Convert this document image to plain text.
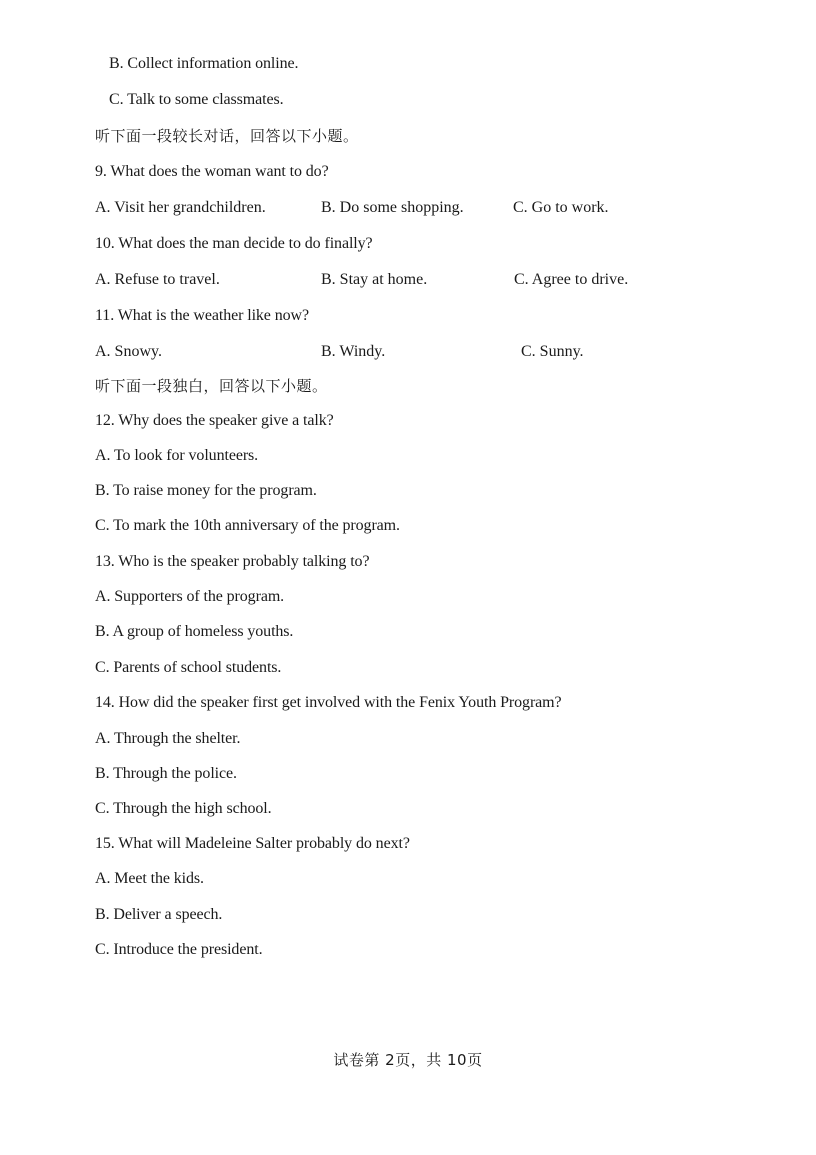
B. Collect information online.
C. Talk to some classmates.
听下面一段较长对话，回答以下小题。
9. What does the woman want to do?
A. Visit her grandchildren.	B. Do some shopping.	C. Go to work.
10. What does the man decide to do finally?
A. Refuse to travel.	B. Stay at home.	C. Agree to drive.
11. What is the weather like now?
A. Snowy.	B. Windy.	C. Sunny.
听下面一段独白，回答以下小题。
12. Why does the speaker give a talk?
A. To look for volunteers.
B. To raise money for the program.
C. To mark the 10th anniversary of the program.
13. Who is the speaker probably talking to?
A. Supporters of the program.
B. A group of homeless youths.
C. Parents of school students.
14. How did the speaker first get involved with the Fenix Youth Program?
A. Through the shelter.
B. Through the police.
C. Through the high school.
15. What will Madeleine Salter probably do next?
A. Meet the kids.
B. Deliver a speech.
C. Introduce the president.
试卷第 2页，共 10页
